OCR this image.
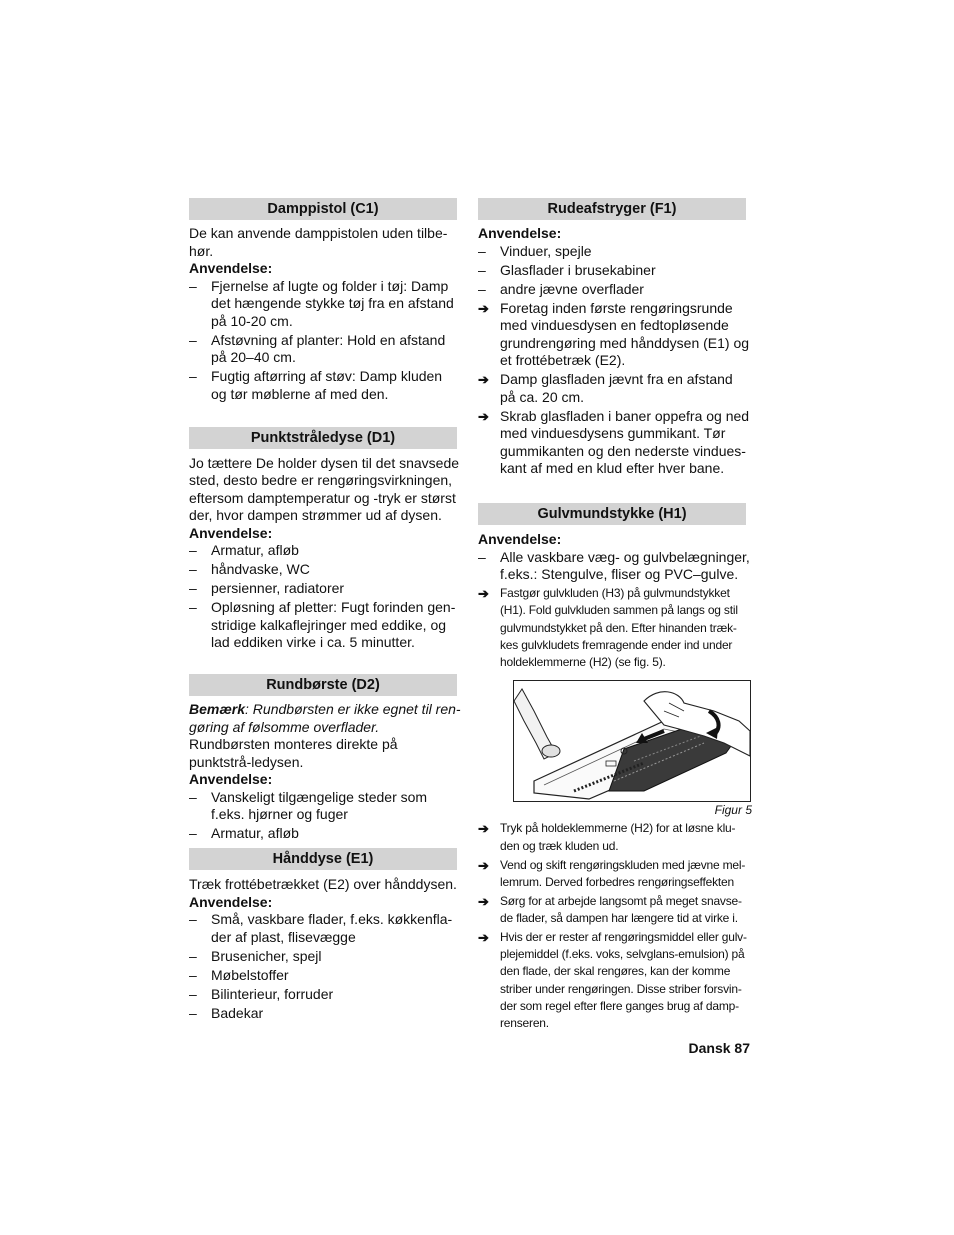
Damppistol (C1)

De kan anvende damppistolen uden tilbe-hør.

Anvendelse:

– Fjernelse af lugte og folder i tøj: Damp det hængende stykke tøj fra en afstand på 10-20 cm.
– Afstøvning af planter: Hold en afstand på 20–40 cm.
– Fugtig aftørring af støv: Damp kluden og tør møblerne af med den.
Punktstråledyse (D1)

Jo tættere De holder dysen til det snavsede sted, desto bedre er rengøringsvirkningen, eftersom damptemperatur og -tryk er størst der, hvor dampen strømmer ud af dysen.

Anvendelse:

– Armatur, afløb
– håndvaske, WC
– persienner, radiatorer
– Opløsning af pletter: Fugt forinden gen-stridige kalkaflejringer med eddike, og lad eddiken virke i ca. 5 minutter.
Rundbørste (D2)

Bemærk: Rundbørsten er ikke egnet til ren-gøring af følsomme overflader.

Rundbørsten monteres direkte på punktstrå-ledysen.

Anvendelse:

– Vanskeligt tilgængelige steder som f.eks. hjørner og fuger
– Armatur, afløb
Hånddyse (E1)

Træk frottébetrækket (E2) over hånddysen.

Anvendelse:

– Små, vaskbare flader, f.eks. køkkenfla-der af plast, flisevægge
– Brusenicher, spejl
– Møbelstoffer
– Bilinterieur, forruder
– Badekar
Rudeafstryger (F1)

Anvendelse:

– Vinduer, spejle
– Glasflader i brusekabiner
– andre jævne overflader
➔ Foretag inden første rengøringsrunde med vinduesdysen en fedtopløsende grundrengøring med hånddysen (E1) og et frottébetræk (E2).
➔ Damp glasfladen jævnt fra en afstand på ca. 20 cm.
➔ Skrab glasfladen i baner oppefra og ned med vinduesdysens gummikant. Tør gummikanten og den nederste vindues-kant af med en klud efter hver bane.
Gulvmundstykke (H1)

Anvendelse:

– Alle vaskbare væg- og gulvbelægninger, f.eks.: Stengulve, fliser og PVC–gulve.
➔ Fastgør gulvkluden (H3) på gulvmundstykket (H1). Fold gulvkluden sammen på langs og stil gulvmundstykket på den. Efter hinanden træk-kes gulvkludets fremragende ender ind under holdeklemmerne (H2) (se fig. 5).

Figur 5

➔ Tryk på holdeklemmerne (H2) for at løsne klu-den og træk kluden ud.
➔ Vend og skift rengøringskluden med jævne mel-lemrum. Derved forbedres rengøringseffekten
➔ Sørg for at arbejde langsomt på meget snavse-de flader, så dampen har længere tid at virke i.
➔ Hvis der er rester af rengøringsmiddel eller gulv-plejemiddel (f.eks. voks, selvglans-emulsion) på den flade, der skal rengøres, kan der komme striber under rengøringen. Disse striber forsvin-der som regel efter flere ganges brug af damp-renseren.
Dansk 87
